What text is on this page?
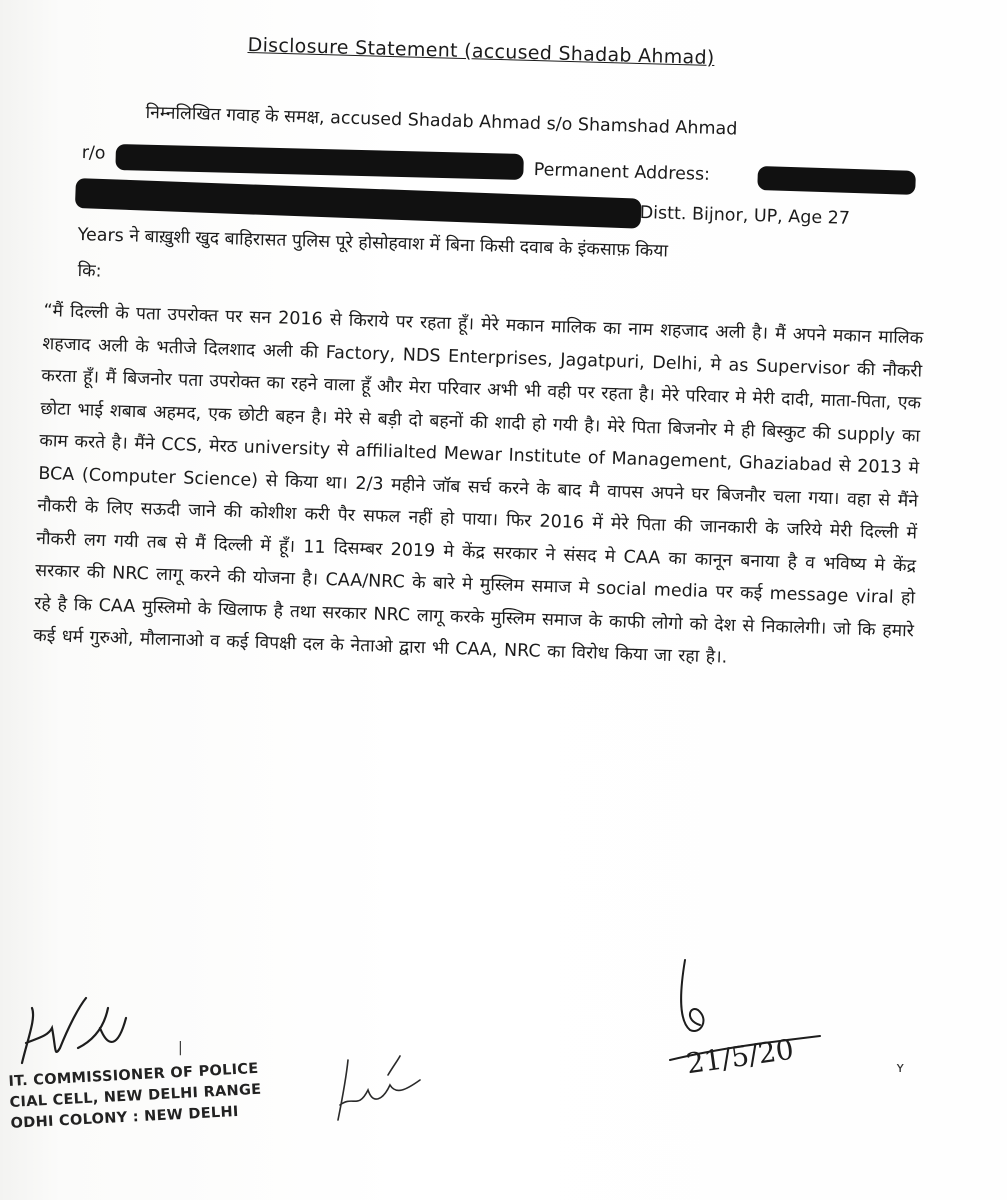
Disclosure Statement (accused Shadab Ahmad)
निम्नलिखित गवाह के समक्ष, accused Shadab Ahmad s/o Shamshad Ahmad
r/o
Permanent Address:
Distt. Bijnor, UP, Age 27
Years ने बाख़ुशी खुद बाहिरासत पुलिस पूरे होसोहवाश में बिना किसी दवाब के इंकसाफ़ किया
कि:
“मैं दिल्ली के पता उपरोक्त पर सन 2016 से किराये पर रहता हूँ। मेरे मकान मालिक का नाम शहजाद अली है। मैं अपने मकान मालिक शहजाद अली के भतीजे दिलशाद अली की Factory, NDS Enterprises, Jagatpuri, Delhi, मे as Supervisor की नौकरी करता हूँ। मैं बिजनोर पता उपरोक्त का रहने वाला हूँ और मेरा परिवार अभी भी वही पर रहता है। मेरे परिवार मे मेरी दादी, माता-पिता, एक छोटा भाई शबाब अहमद, एक छोटी बहन है। मेरे से बड़ी दो बहनों की शादी हो गयी है। मेरे पिता बिजनोर मे ही बिस्कुट की supply का काम करते है। मैंने CCS, मेरठ university से affilialted Mewar Institute of Management, Ghaziabad से 2013 मे BCA (Computer Science) से किया था। 2/3 महीने जॉब सर्च करने के बाद मै वापस अपने घर बिजनौर चला गया। वहा से मैंने नौकरी के लिए सऊदी जाने की कोशीश करी पैर सफल नहीं हो पाया। फिर 2016 में मेरे पिता की जानकारी के जरिये मेरी दिल्ली में नौकरी लग गयी तब से मैं दिल्ली में हूँ। 11 दिसम्बर 2019 मे केंद्र सरकार ने संसद मे CAA का कानून बनाया है व भविष्य मे केंद्र सरकार की NRC लागू करने की योजना है। CAA/NRC के बारे मे मुस्लिम समाज मे social media पर कई message viral हो रहे है कि CAA मुस्लिमो के खिलाफ है तथा सरकार NRC लागू करके मुस्लिम समाज के काफी लोगो को देश से निकालेगी। जो कि हमारे कई धर्म गुरुओ, मौलानाओ व कई विपक्षी दल के नेताओ द्वारा भी CAA, NRC का विरोध किया जा रहा है।.
|	21/5/20	ʏ
IT. COMMISSIONER OF POLICE
CIAL CELL, NEW DELHI RANGE
ODHI COLONY : NEW DELHI
